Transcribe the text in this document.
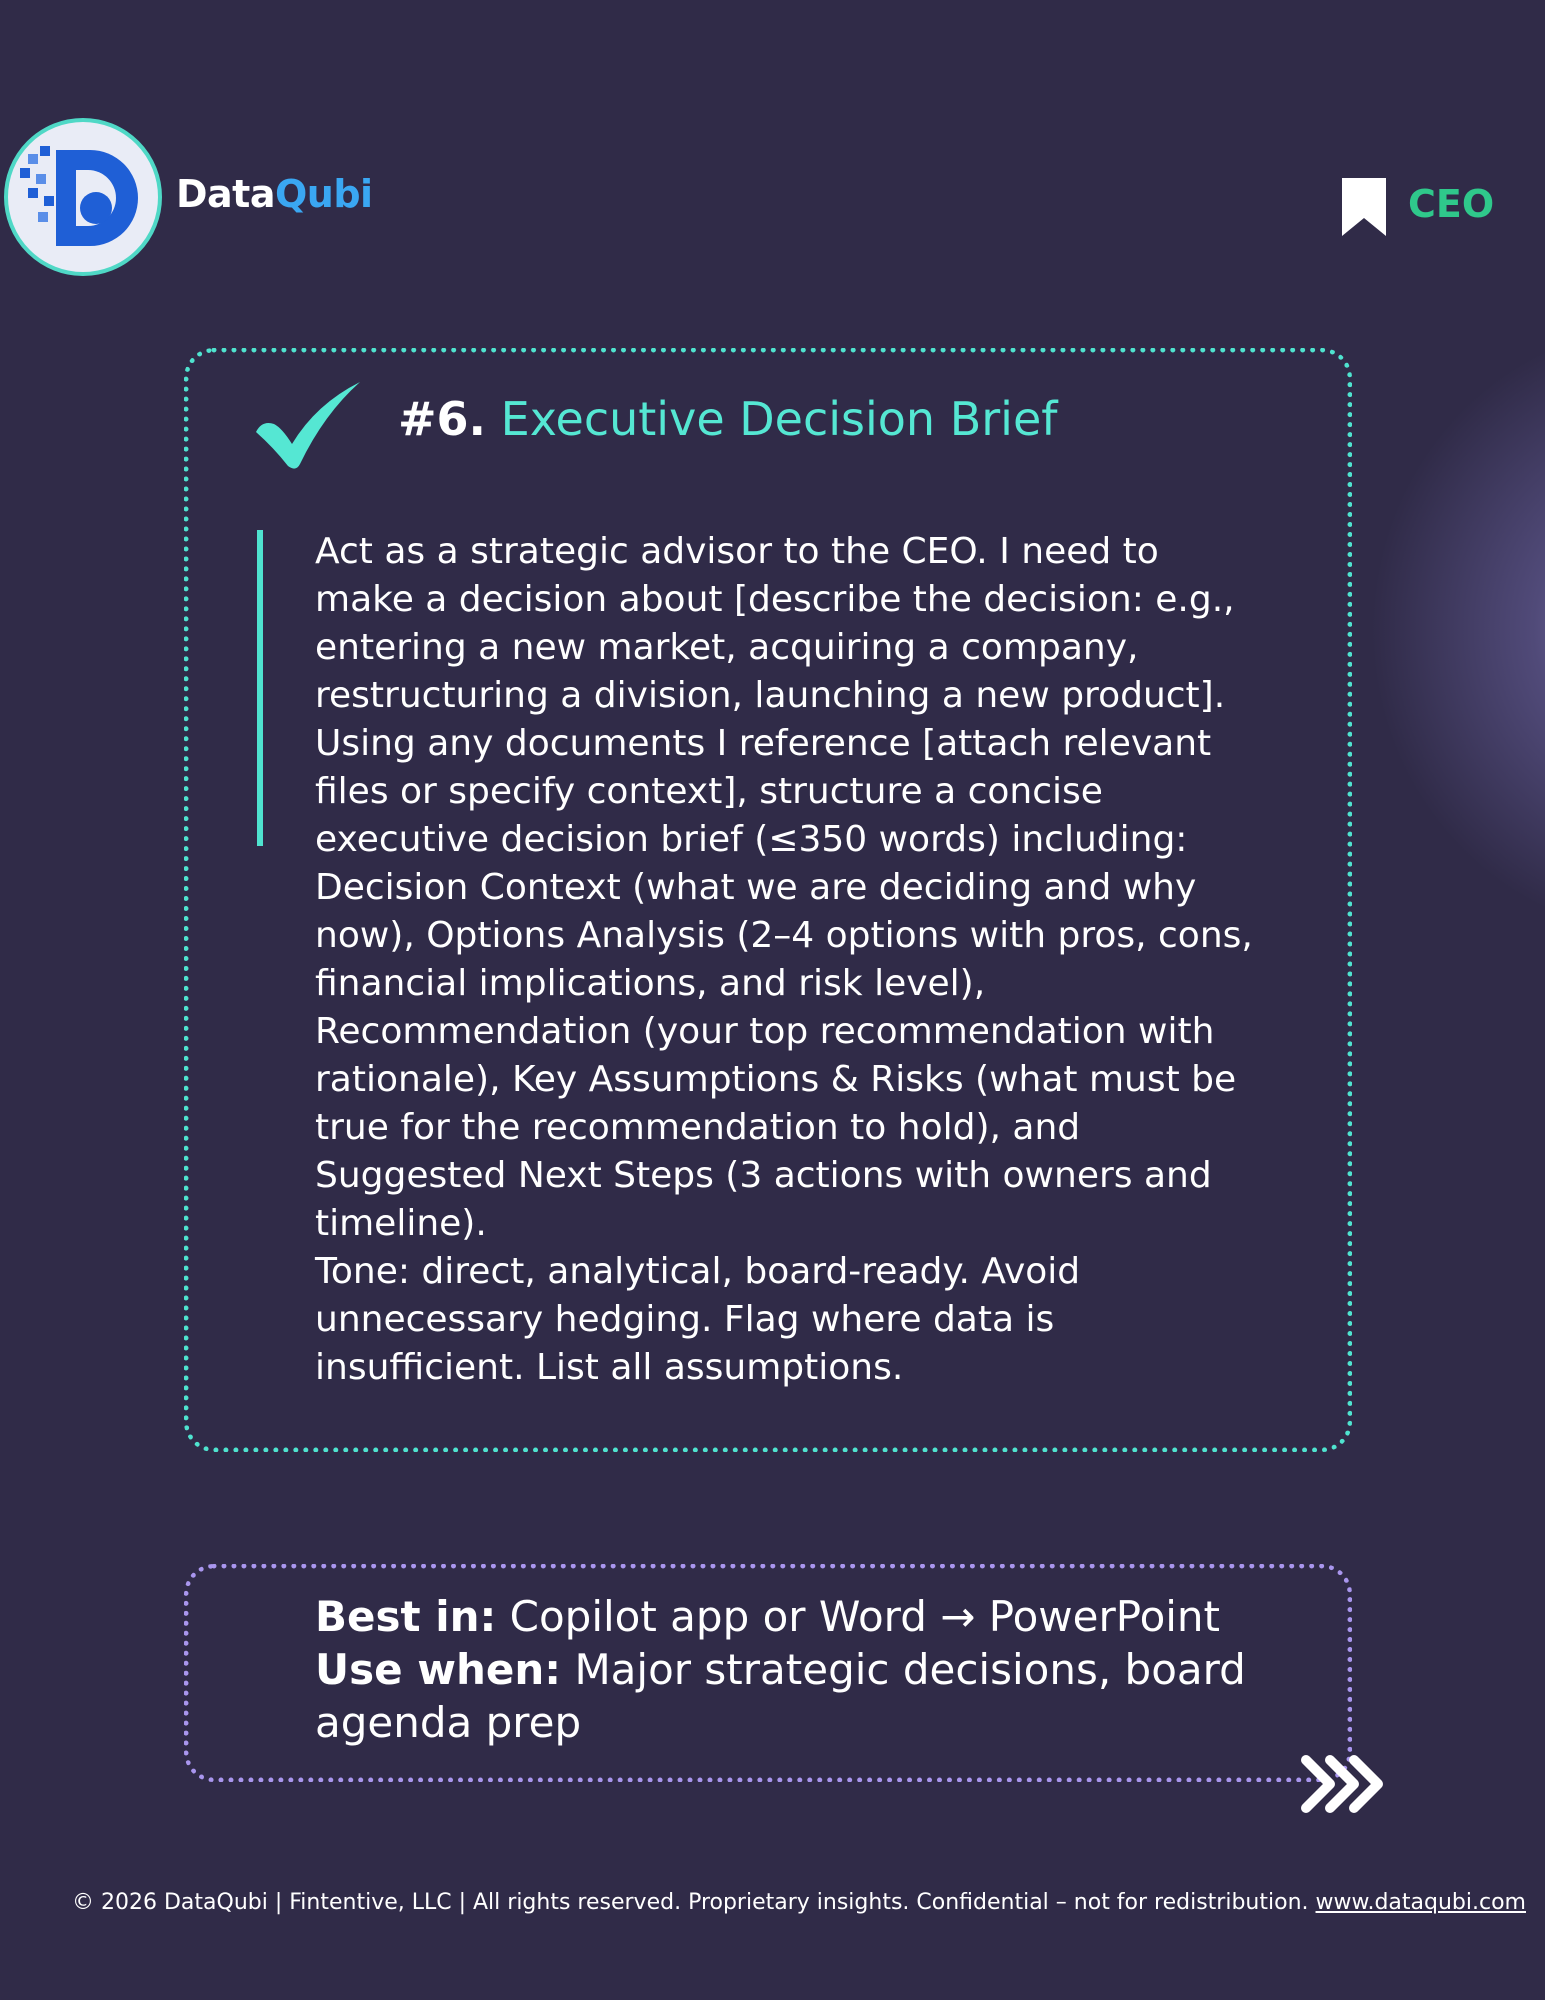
DataQubi	CEO
#6. Executive Decision Brief

Act as a strategic advisor to the CEO. I need to

make a decision about [describe the decision: e.g.,

entering a new market, acquiring a company,

restructuring a division, launching a new product].

Using any documents I reference [attach relevant

files or specify context], structure a concise

executive decision brief (≤350 words) including:

Decision Context (what we are deciding and why

now), Options Analysis (2–4 options with pros, cons,

financial implications, and risk level),

Recommendation (your top recommendation with

rationale), Key Assumptions & Risks (what must be

true for the recommendation to hold), and

Suggested Next Steps (3 actions with owners and

timeline).

Tone: direct, analytical, board-ready. Avoid

unnecessary hedging. Flag where data is

insufficient. List all assumptions.

Best in: Copilot app or Word → PowerPoint

Use when: Major strategic decisions, board

agenda prep

© 2026 DataQubi | Fintentive, LLC | All rights reserved. Proprietary insights. Confidential – not for redistribution. www.dataqubi.com
